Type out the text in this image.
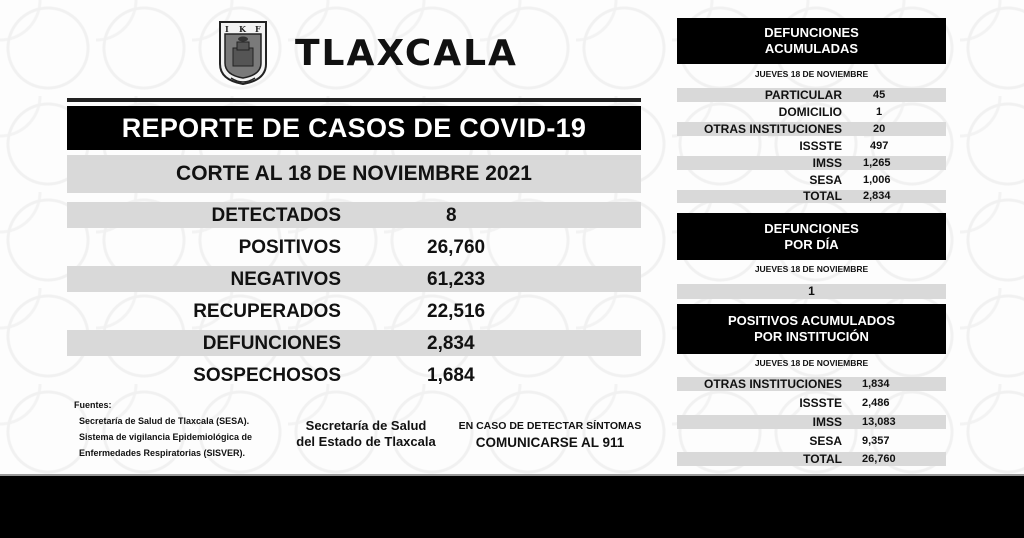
I K F
TLAXCALA
REPORTE DE CASOS DE COVID-19
CORTE AL 18 DE NOVIEMBRE 2021
DETECTADOS	8
POSITIVOS	26,760
NEGATIVOS	61,233
RECUPERADOS	22,516
DEFUNCIONES	2,834
SOSPECHOSOS	1,684
Fuentes:
Secretaría de Salud de Tlaxcala (SESA).
Sistema de vigilancia Epidemiológica de
Enfermedades Respiratorias (SISVER).
Secretaría de Salud
del Estado de Tlaxcala
EN CASO DE DETECTAR SÍNTOMAS
COMUNICARSE AL 911
DEFUNCIONES
ACUMULADAS
JUEVES 18 DE NOVIEMBRE
PARTICULAR	45
DOMICILIO	1
OTRAS INSTITUCIONES	20
ISSSTE	497
IMSS 1,265
SESA 1,006
TOTAL 2,834
DEFUNCIONES
POR DÍA
JUEVES 18 DE NOVIEMBRE
1
POSITIVOS ACUMULADOS
POR INSTITUCIÓN
JUEVES 18 DE NOVIEMBRE
OTRAS INSTITUCIONES 1,834
ISSSTE 2,486
IMSS 13,083
SESA 9,357
TOTAL 26,760
